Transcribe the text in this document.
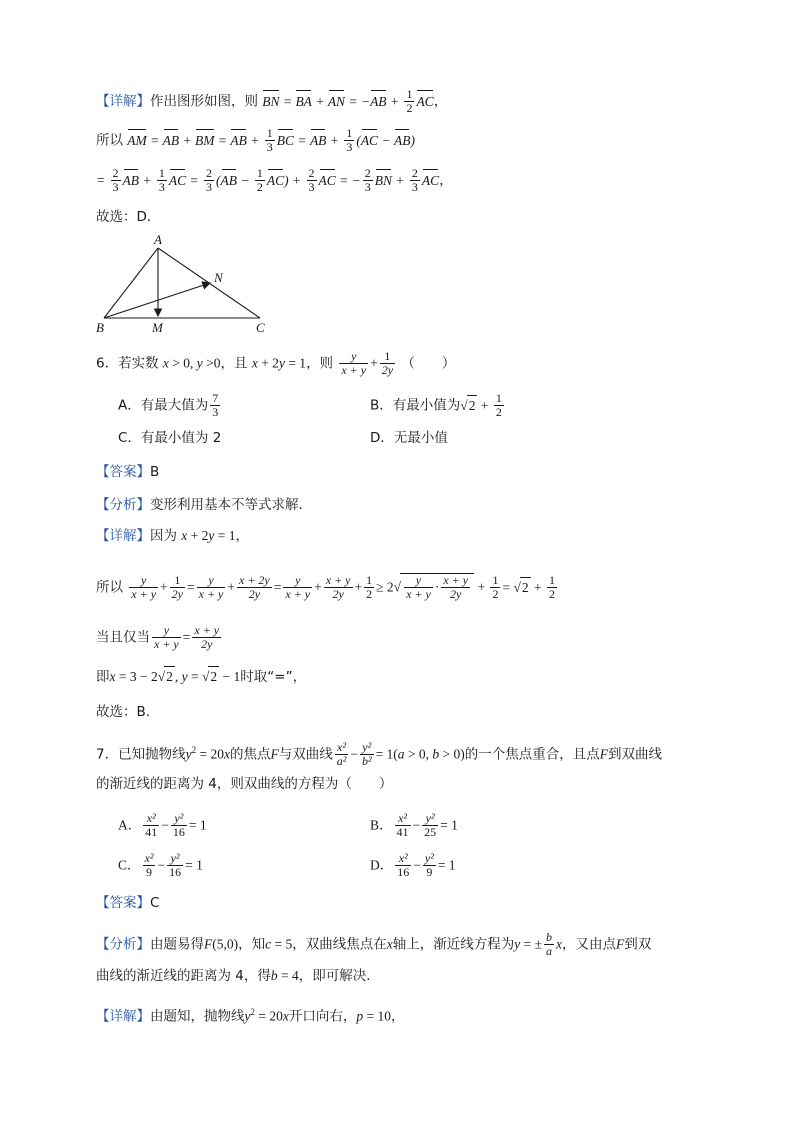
【详解】作出图形如图，则 BN = BA + AN = $-AB + \frac{1}{2}$ AC，
所以 AM = AB + BM = AB + $\frac{1}{3}$ BC = AB + $\frac{1}{3} (AC - AB)$
= $\frac{2}{3}$ AB + $\frac{1}{3}$ AC = $\frac{2}{3} (AB - \frac{1}{2} AC) + \frac{2}{3}$ AC = − $\frac{2}{3}$ BN + $\frac{2}{3}$ AC，
故选：D．
A
B	C
M
N
6．若实数 x > 0, y >0，且 x + 2y = 1，则 $\frac{y}{x + y} + \frac{1}{2y}$ （　　）
A．有最大值为 $\frac{7}{3}$	B．有最小值为$√2 + \frac{1}{2}$
C．有最小值为 2	D．无最小值
【答案】B
【分析】变形利用基本不等式求解.
【详解】因为 x + 2y = 1，
所以 $\frac{y}{x + y} + \frac{1}{2y} = \frac{y}{x + y} + \frac{x + 2y}{2y} = \frac{y}{x + y} + \frac{x + y}{2y} + \frac{1}{2} \ge 2√ \frac{y}{x + y} \cdot \frac{x + y}{2y} + \frac{1}{2} = √2 + \frac{1}{2}$
当且仅当 $\frac{y}{x + y} = \frac{x + y}{2y}$
即x = 3 − 2√2 , y = √2 − 1时取“=”，
故选：B.
7．已知抛物线$y^2 = 20x$的焦点F与双曲线 $\frac{\text{x²}}{\text{a²}} - \frac{\text{y²}}{\text{b²}} = 1(a > 0$, b > 0)的一个焦点重合，且点F到双曲线
的渐近线的距离为 4，则双曲线的方程为（　　）
A． $\frac{\text{x²}}{41} - \frac{\text{y²}}{16} = 1$	B． $\frac{\text{x²}}{41} - \frac{\text{y²}}{25} = 1$
C． $\frac{\text{x²}}{9} - \frac{\text{y²}}{16} = 1$	D． $\frac{\text{x²}}{16} - \frac{\text{y²}}{9} = 1$
【答案】C
【分析】由题易得F(5,0)，知c = 5，双曲线焦点在x轴上，渐近线方程为y = ± $\frac{b}{a}$ x，又由点F到双
曲线的渐近线的距离为 4，得b = 4，即可解决.
【详解】由题知，抛物线$y^2 = 20x$开口向右，p = 10，
